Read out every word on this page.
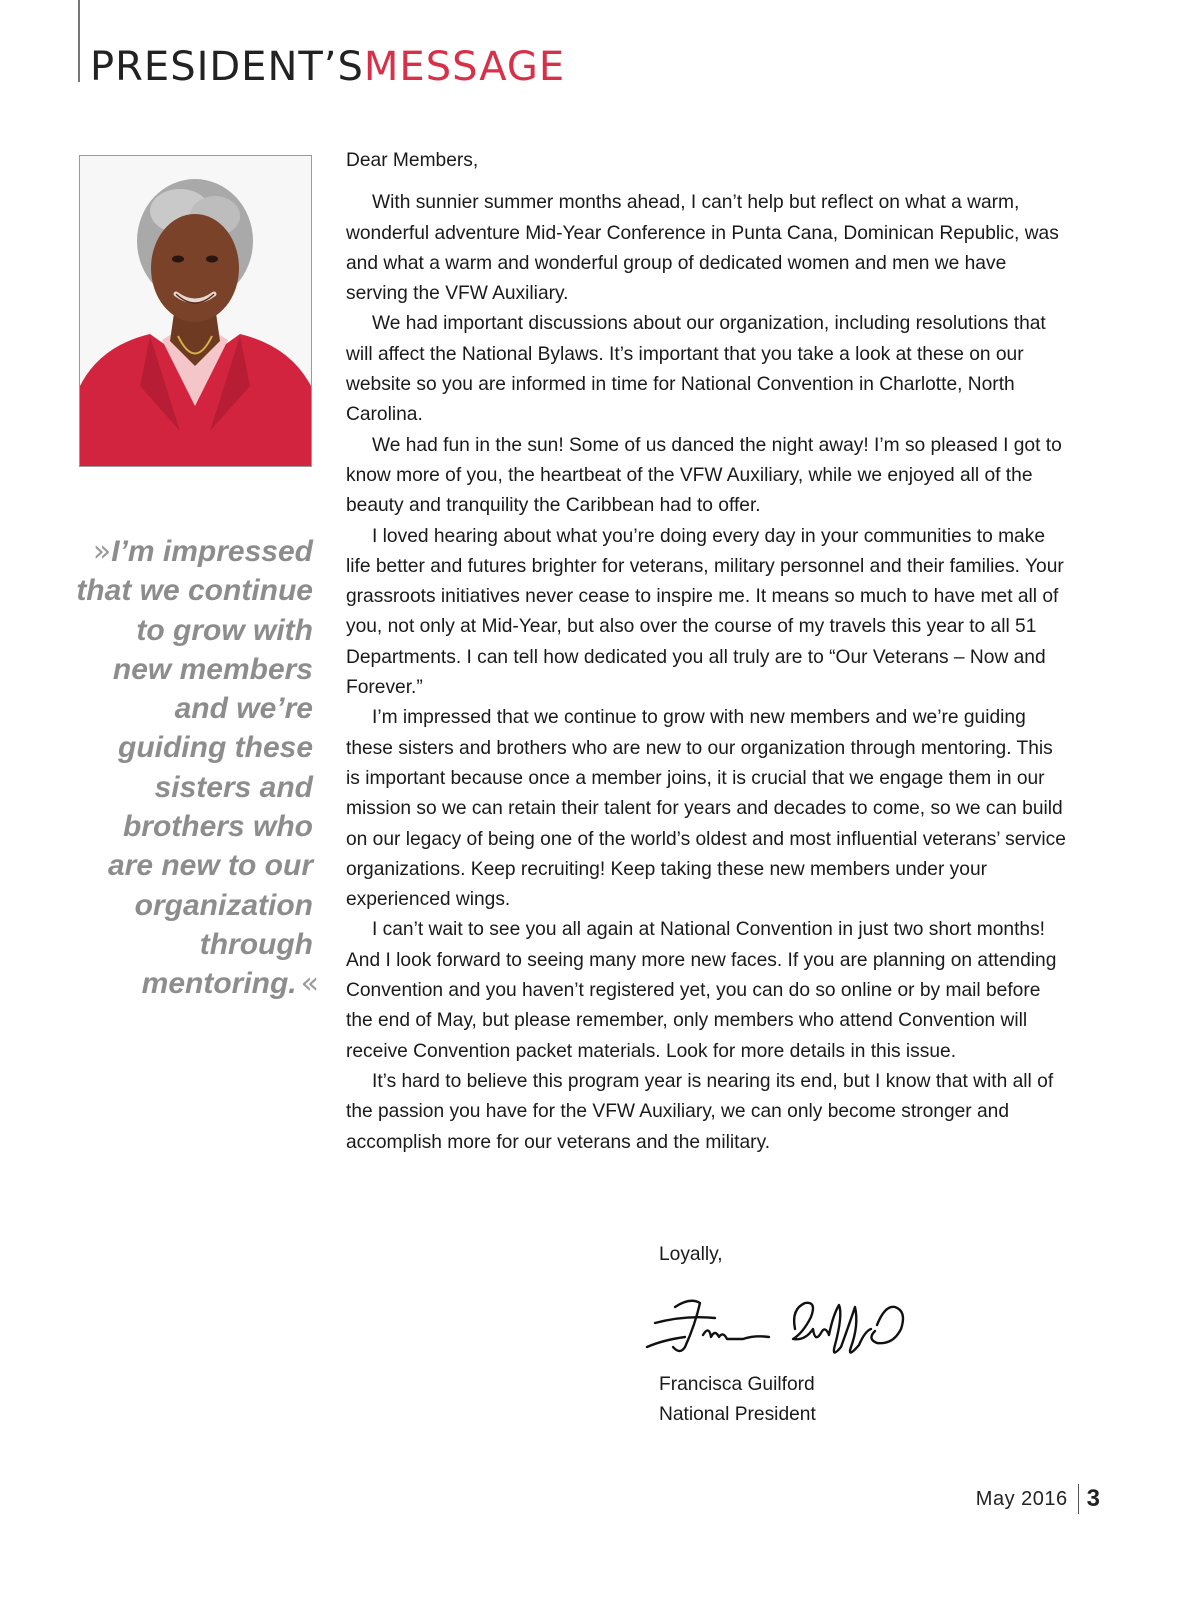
PRESIDENT’SMESSAGE
» I’m impressed
that we continue
to grow with
new members
and we’re
guiding these
sisters and
brothers who
are new to our
organization
through
mentoring. «

Dear Members,

With sunnier summer months ahead, I can’t help but reflect on what a warm, wonderful adventure Mid-Year Conference in Punta Cana, Dominican Republic, was and what a warm and wonderful group of dedicated women and men we have serving the VFW Auxiliary.

We had important discussions about our organization, including resolutions that will affect the National Bylaws. It’s important that you take a look at these on our website so you are informed in time for National Convention in Charlotte, North Carolina.

We had fun in the sun! Some of us danced the night away! I’m so pleased I got to know more of you, the heartbeat of the VFW Auxiliary, while we enjoyed all of the beauty and tranquility the Caribbean had to offer.

I loved hearing about what you’re doing every day in your communities to make life better and futures brighter for veterans, military personnel and their families. Your grassroots initiatives never cease to inspire me. It means so much to have met all of you, not only at Mid-Year, but also over the course of my travels this year to all 51 Departments. I can tell how dedicated you all truly are to “Our Veterans – Now and Forever.”

I’m impressed that we continue to grow with new members and we’re guiding these sisters and brothers who are new to our organization through mentoring. This is important because once a member joins, it is crucial that we engage them in our mission so we can retain their talent for years and decades to come, so we can build on our legacy of being one of the world’s oldest and most influential veterans’ service organizations. Keep recruiting! Keep taking these new members under your experienced wings.

I can’t wait to see you all again at National Convention in just two short months! And I look forward to seeing many more new faces. If you are planning on attending Convention and you haven’t registered yet, you can do so online or by mail before the end of May, but please remember, only members who attend Convention will receive Convention packet materials. Look for more details in this issue.

It’s hard to believe this program year is nearing its end, but I know that with all of the passion you have for the VFW Auxiliary, we can only become stronger and accomplish more for our veterans and the military.

Loyally,
Francisca Guilford
National President
May 2016 3
